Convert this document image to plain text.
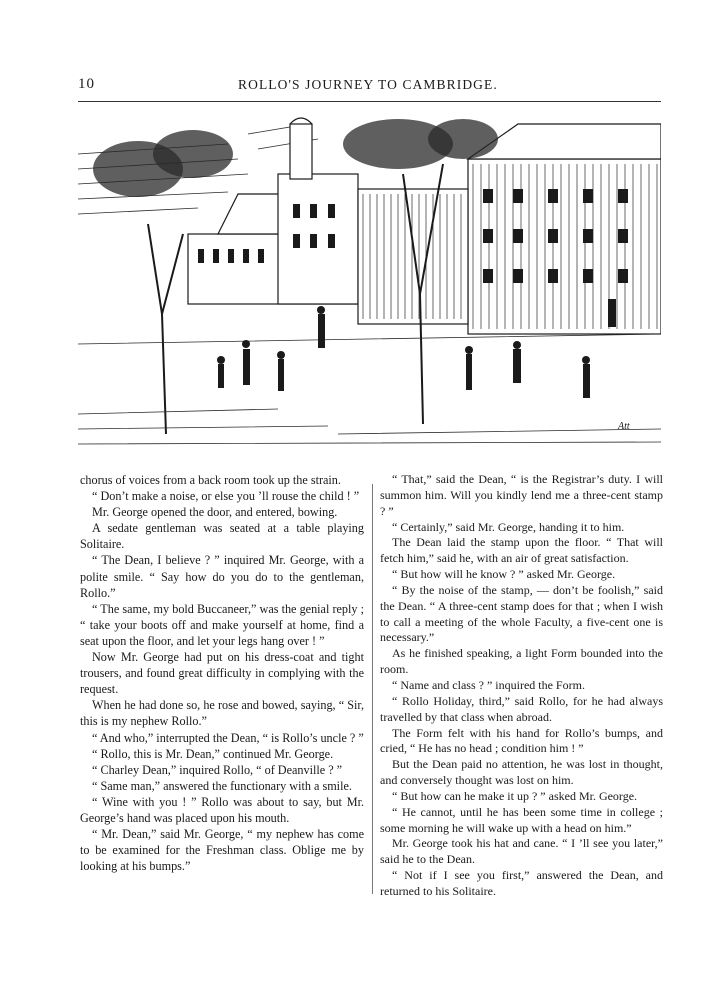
10	ROLLO'S JOURNEY TO CAMBRIDGE.
Att

chorus of voices from a back room took up the strain.

“ Don’t make a noise, or else you ’ll rouse the child ! ”

Mr. George opened the door, and entered, bowing.

A sedate gentleman was seated at a table playing Solitaire.

“ The Dean, I believe ? ” inquired Mr. George, with a polite smile. “ Say how do you do to the gentleman, Rollo.”

“ The same, my bold Buccaneer,” was the genial reply ; “ take your boots off and make yourself at home, find a seat upon the floor, and let your legs hang over ! ”

Now Mr. George had put on his dress-coat and tight trousers, and found great difficulty in complying with the request.

When he had done so, he rose and bowed, saying, “ Sir, this is my nephew Rollo.”

“ And who,” interrupted the Dean, “ is Rollo’s uncle ? ”

“ Rollo, this is Mr. Dean,” continued Mr. George.

“ Charley Dean,” inquired Rollo, “ of Deanville ? ”

“ Same man,” answered the functionary with a smile.

“ Wine with you ! ” Rollo was about to say, but Mr. George’s hand was placed upon his mouth.

“ Mr. Dean,” said Mr. George, “ my nephew has come to be examined for the Freshman class. Oblige me by looking at his bumps.”

“ That,” said the Dean, “ is the Registrar’s duty. I will summon him. Will you kindly lend me a three-cent stamp ? ”

“ Certainly,” said Mr. George, handing it to him.

The Dean laid the stamp upon the floor. “ That will fetch him,” said he, with an air of great satisfaction.

“ But how will he know ? ” asked Mr. George.

“ By the noise of the stamp, — don’t be foolish,” said the Dean. “ A three-cent stamp does for that ; when I wish to call a meeting of the whole Faculty, a five-cent one is necessary.”

As he finished speaking, a light Form bounded into the room.

“ Name and class ? ” inquired the Form.

“ Rollo Holiday, third,” said Rollo, for he had always travelled by that class when abroad.

The Form felt with his hand for Rollo’s bumps, and cried, “ He has no head ; condition him ! ”

But the Dean paid no attention, he was lost in thought, and conversely thought was lost on him.

“ But how can he make it up ? ” asked Mr. George.

“ He cannot, until he has been some time in college ; some morning he will wake up with a head on him.”

Mr. George took his hat and cane. “ I ’ll see you later,” said he to the Dean.

“ Not if I see you first,” answered the Dean, and returned to his Solitaire.
